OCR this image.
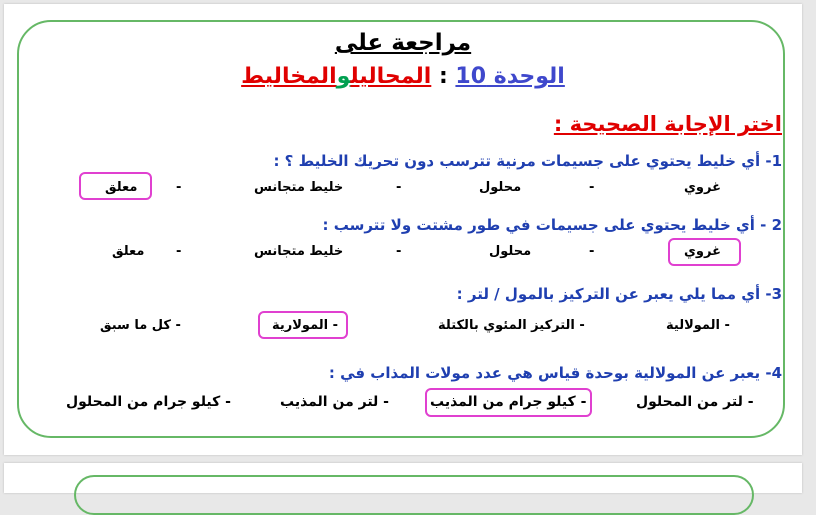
مراجعة على
الوحدة 10 : المحاليلوالمخاليط
اختر الإجابة الصحيحة :
1- أي خليط يحتوي على جسيمات مرنية تترسب دون تحريك الخليط ؟ :
غروي
-
محلول
-
خليط متجانس
-
معلق
2 - أي خليط يحتوي على جسيمات في طور مشتت ولا تترسب :
غروي
-
محلول
-
خليط متجانس
-
معلق
3- أي مما يلي يعبر عن التركيز بالمول / لتر :
- المولالية
- التركيز المئوي بالكتلة
- المولارية
- كل ما سبق
4- يعبر عن المولالية بوحدة قياس هي عدد مولات المذاب في :
- لتر من المحلول
- كيلو جرام من المذيب
- لتر من المذيب
- كيلو جرام من المحلول
